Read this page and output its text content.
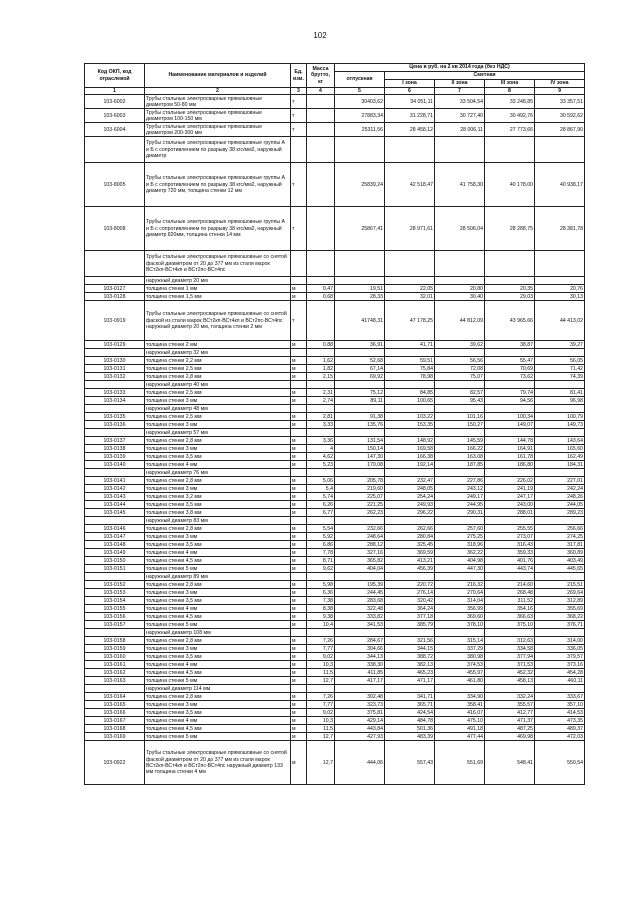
102
Код ОКП, код отраслевой	Наименование материалов и изделий	Ед. изм.	Масса брутто, кг	Цена в руб. на 2 кв 2014 года (без НДС)				
				отпускная	Сметная			
					I зона	II зона	III зона	IV зона
1	2	3	4	5	6	7	8	9
103-6002	Трубы стальные электросварные прямошовные диаметром 50-80 мм	т		30403,62	34 051,11	33 504,54	33 248,85	33 357,51
103-6003	Трубы стальные электросварные прямошовные диаметром 100-150 мм	т		27883,34	31 228,71	30 727,40	30 492,76	30 592,62
103-6004	Трубы стальные электросварные прямошовные диаметром 200-300 мм	т		25311,56	28 458,12	28 006,11	27 773,66	28 867,90
	Трубы стальные электросварные прямошовные группы А и Б с сопротивлением по разрыву 38 кгс/мм2, наружный диаметр							
103-8005	Трубы стальные электросварные прямошовные группы А и Б с сопротивлением по разрыву 38 кгс/мм2, наружный диаметр 720 мм, толщина стенки 12 мм	т		25839,24	42 518,47	41 758,30	40 178,00	40 938,17
103-8008	Трубы стальные электросварные прямошовные группы А и Б с сопротивлением по разрыву 38 кгс/мм2, наружный диаметр 820мм, толщина стенки 14 мм	т		25867,41	28 971,61	28 506,04	28 288,75	28 381,78
	Трубы стальные электросварные прямошовные со снятой фаской диаметром от 20 до 377 мм из стали марок ВСт2кп-ВСт4кп и ВСт2пс-ВСт4пс							
	наружный диаметр 20 мм							
103-0127	толщина стенки 1 мм	м	0,47	19,51	22,05	20,80	20,35	20,76
103-0128	толщина стенки 1,5 мм	м	0,68	28,33	32,01	30,40	29,03	30,13
103-0919	Трубы стальные электросварные прямошовные со снятой фаской из стали марок ВСт2кп-ВСт4кп и ВСт2пс-ВСт4пс наружный диаметр 20 мм, толщина стенки 2 мм	т		41748,31	47 178,25	44 812,09	43 965,66	44 413,02
103-0129	толщина стенки 2 мм	м	0,88	36,91	41,71	39,62	38,87	39,27
	наружный диаметр 32 мм							
103-0130	толщина стенки 2,2 мм	м	1,62	52,68	59,51	56,56	55,47	56,05
103-0131	толщина стенки 2,5 мм	м	1,82	67,14	75,84	72,08	70,69	71,42
103-0132	толщина стенки 2,8 мм	м	2,15	69,92	78,98	75,07	73,62	74,39
	наружный диаметр 40 мм							
103-0133	толщина стенки 2,5 мм	м	2,31	75,12	84,85	82,57	79,74	81,41
103-0134	толщина стенки 3 мм	м	2,74	89,11	100,65	95,43	94,56	96,98
	наружный диаметр 48 мм							
103-0135	толщина стенки 2,5 мм	м	2,81	91,38	103,22	101,16	100,34	100,79
103-0136	толщина стенки 3 мм	м	3,33	135,76	153,35	150,27	149,07	149,73
	наружный диаметр 57 мм							
103-0137	толщина стенки 2,8 мм	м	3,36	131,54	148,92	145,59	144,78	143,64
103-0138	толщина стенки 3 мм	м	4	150,14	169,58	166,22	164,91	165,60
103-0139	толщина стенки 3,5 мм	м	4,62	147,30	166,38	163,08	161,78	162,49
103-0140	толщина стенки 4 мм	м	5,23	170,08	192,14	187,85	186,80	184,31
	наружный диаметр 76 мм							
103-0141	толщина стенки 2,8 мм	м	5,06	205,78	232,47	227,86	226,02	227,01
103-0142	толщина стенки 3 мм	м	5,4	219,60	248,05	243,12	241,19	242,24
103-0143	толщина стенки 3,2 мм	м	5,74	225,07	254,24	249,17	247,17	248,26
103-0144	толщина стенки 3,5 мм	м	6,26	221,25	249,93	244,95	243,00	244,05
103-0145	толщина стенки 3,8 мм	м	6,77	262,23	296,22	290,31	288,01	289,23
	наружный диаметр 83 мм							
103-0146	толщина стенки 2,8 мм	м	5,54	232,66	262,66	257,60	255,55	256,66
103-0147	толщина стенки 3 мм	м	5,92	248,64	280,84	275,25	273,07	274,25
103-0148	толщина стенки 3,5 мм	м	6,86	288,12	325,45	318,96	316,43	317,81
103-0149	толщина стенки 4 мм	м	7,78	327,16	369,59	362,22	359,33	360,89
103-0150	толщина стенки 4,5 мм	м	8,71	365,82	413,21	404,98	401,76	403,49
103-0151	толщина стенки 5 мм	м	9,62	404,04	456,39	447,30	443,74	445,65
	наружный диаметр 89 мм							
103-0152	толщина стенки 2,8 мм	м	5,98	195,39	220,72	216,32	214,60	215,51
103-0153	толщина стенки 3 мм	м	6,36	244,45	276,14	270,64	268,48	269,64
103-0154	толщина стенки 3,5 мм	м	7,38	283,68	320,42	314,04	311,52	312,89
103-0155	толщина стенки 4 мм	м	8,38	322,48	364,24	356,99	354,16	355,69
103-0156	толщина стенки 4,5 мм	м	9,38	333,82	377,18	369,60	366,63	368,22
103-0157	толщина стенки 5 мм	м	10,4	341,53	385,79	378,10	375,10	376,71
	наружный диаметр 108 мм							
103-0158	толщина стенки 2,8 мм	м	7,26	284,67	321,56	315,14	312,63	314,00
103-0159	толщина стенки 3 мм	м	7,77	304,66	344,15	337,29	334,58	336,05
103-0160	толщина стенки 3,5 мм	м	9,02	344,13	388,72	380,98	377,94	379,57
103-0161	толщина стенки 4 мм	м	10,3	338,30	382,13	374,53	371,53	373,16
103-0162	толщина стенки 4,5 мм	м	11,5	411,85	465,23	455,97	452,32	454,28
103-0163	толщина стенки 5 мм	м	12,7	417,17	471,17	461,80	458,13	460,11
	наружный диаметр 114 мм							
103-0164	толщина стенки 2,8 мм	м	7,26	302,48	341,71	334,90	332,24	333,67
103-0165	толщина стенки 3 мм	м	7,77	323,73	365,71	358,41	355,57	357,10
103-0166	толщина стенки 3,5 мм	м	9,02	375,81	424,54	416,07	412,77	414,53
103-0167	толщина стенки 4 мм	м	10,3	429,14	484,78	475,10	471,37	473,35
103-0168	толщина стенки 4,5 мм	м	11,5	443,84	501,36	491,18	487,25	489,37
103-0169	толщина стенки 5 мм	м	12,7	427,93	483,39	477,44	469,98	472,03
103-0922	Трубы стальные электросварные прямошовные со снятой фаской диаметром от 20 до 377 мм из стали марок ВСт2кп-ВСт4кп и ВСт2пс-ВСт4пс наружный диаметр 133 мм толщина стенки 4 мм	м	12,7	444,06	557,43	551,69	548,41	550,54
